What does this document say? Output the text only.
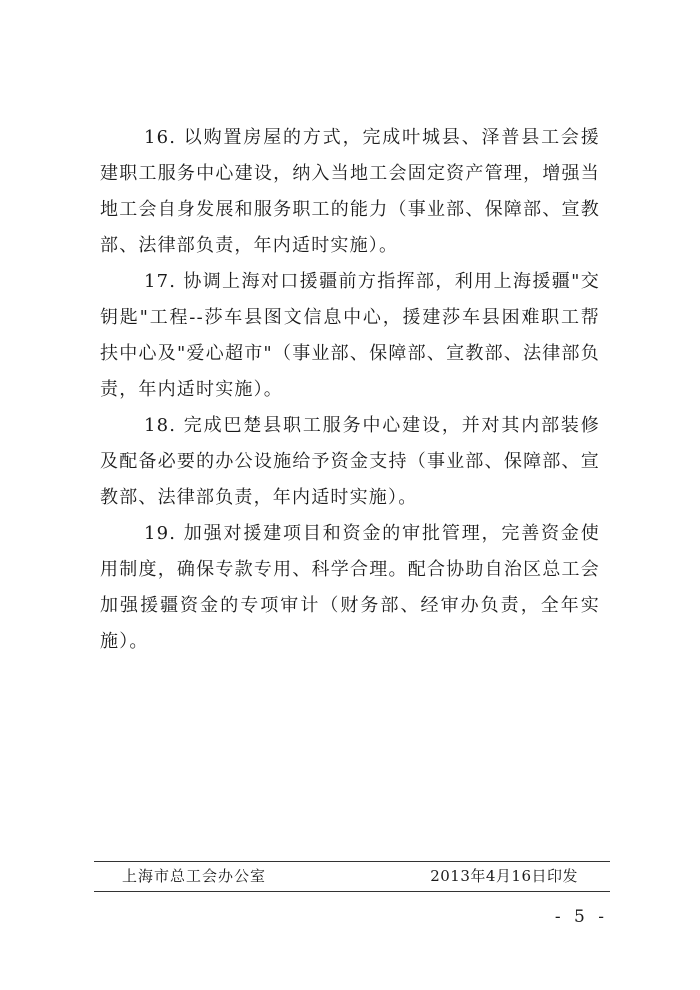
16. 以购置房屋的方式，完成叶城县、泽普县工会援建职工服务中心建设，纳入当地工会固定资产管理，增强当地工会自身发展和服务职工的能力（事业部、保障部、宣教部、法律部负责，年内适时实施）。

17. 协调上海对口援疆前方指挥部，利用上海援疆"交钥匙"工程--莎车县图文信息中心，援建莎车县困难职工帮扶中心及"爱心超市"（事业部、保障部、宣教部、法律部负责，年内适时实施）。

18. 完成巴楚县职工服务中心建设，并对其内部装修及配备必要的办公设施给予资金支持（事业部、保障部、宣教部、法律部负责，年内适时实施）。

19. 加强对援建项目和资金的审批管理，完善资金使用制度，确保专款专用、科学合理。配合协助自治区总工会加强援疆资金的专项审计（财务部、经审办负责，全年实施）。

上海市总工会办公室	2013年4月16日印发
- 5 -
